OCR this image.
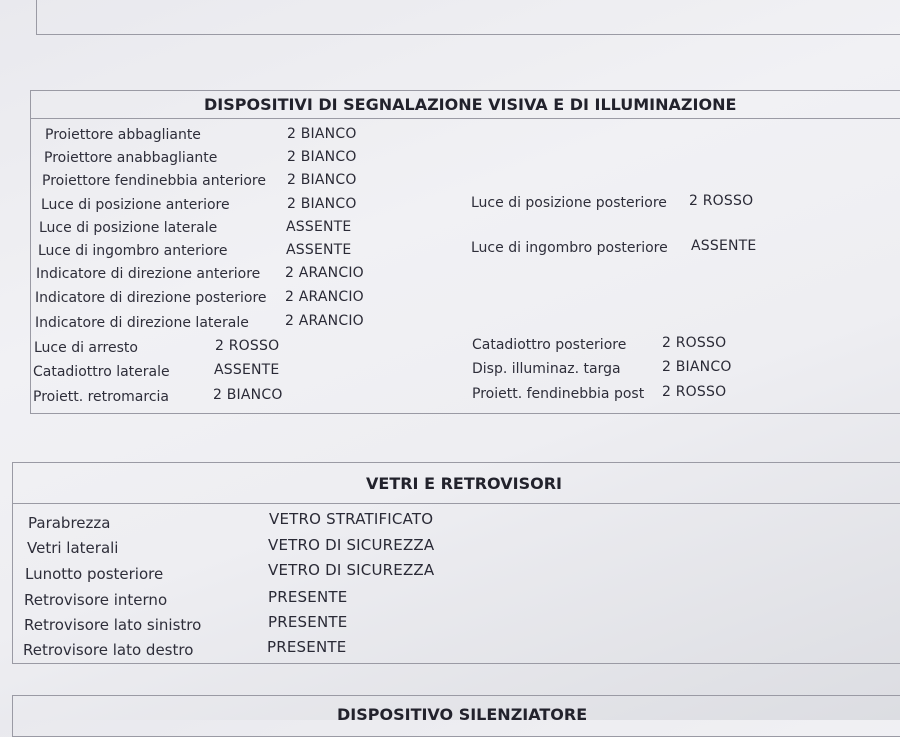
DISPOSITIVI DI SEGNALAZIONE VISIVA E DI ILLUMINAZIONE
Proiettore abbagliante	2 BIANCO
Proiettore anabbagliante	2 BIANCO
Proiettore fendinebbia anteriore 2 BIANCO
Luce di posizione anteriore	2 BIANCO
Luce di posizione laterale	ASSENTE
Luce di ingombro anteriore	ASSENTE
Indicatore di direzione anteriore 2 ARANCIO
Indicatore di direzione posteriore 2 ARANCIO
Indicatore di direzione laterale	2 ARANCIO
Luce di arresto	2 ROSSO
Catadiottro laterale	ASSENTE
Proiett. retromarcia	2 BIANCO
Luce di posizione posteriore 2 ROSSO
Luce di ingombro posteriore ASSENTE
Catadiottro posteriore	2 ROSSO
Disp. illuminaz. targa	2 BIANCO
Proiett. fendinebbia post 2 ROSSO
VETRI E RETROVISORI
Parabrezza	VETRO STRATIFICATO
Vetri laterali	VETRO DI SICUREZZA
Lunotto posteriore	VETRO DI SICUREZZA
Retrovisore interno	PRESENTE
Retrovisore lato sinistro	PRESENTE
Retrovisore lato destro	PRESENTE
DISPOSITIVO SILENZIATORE
